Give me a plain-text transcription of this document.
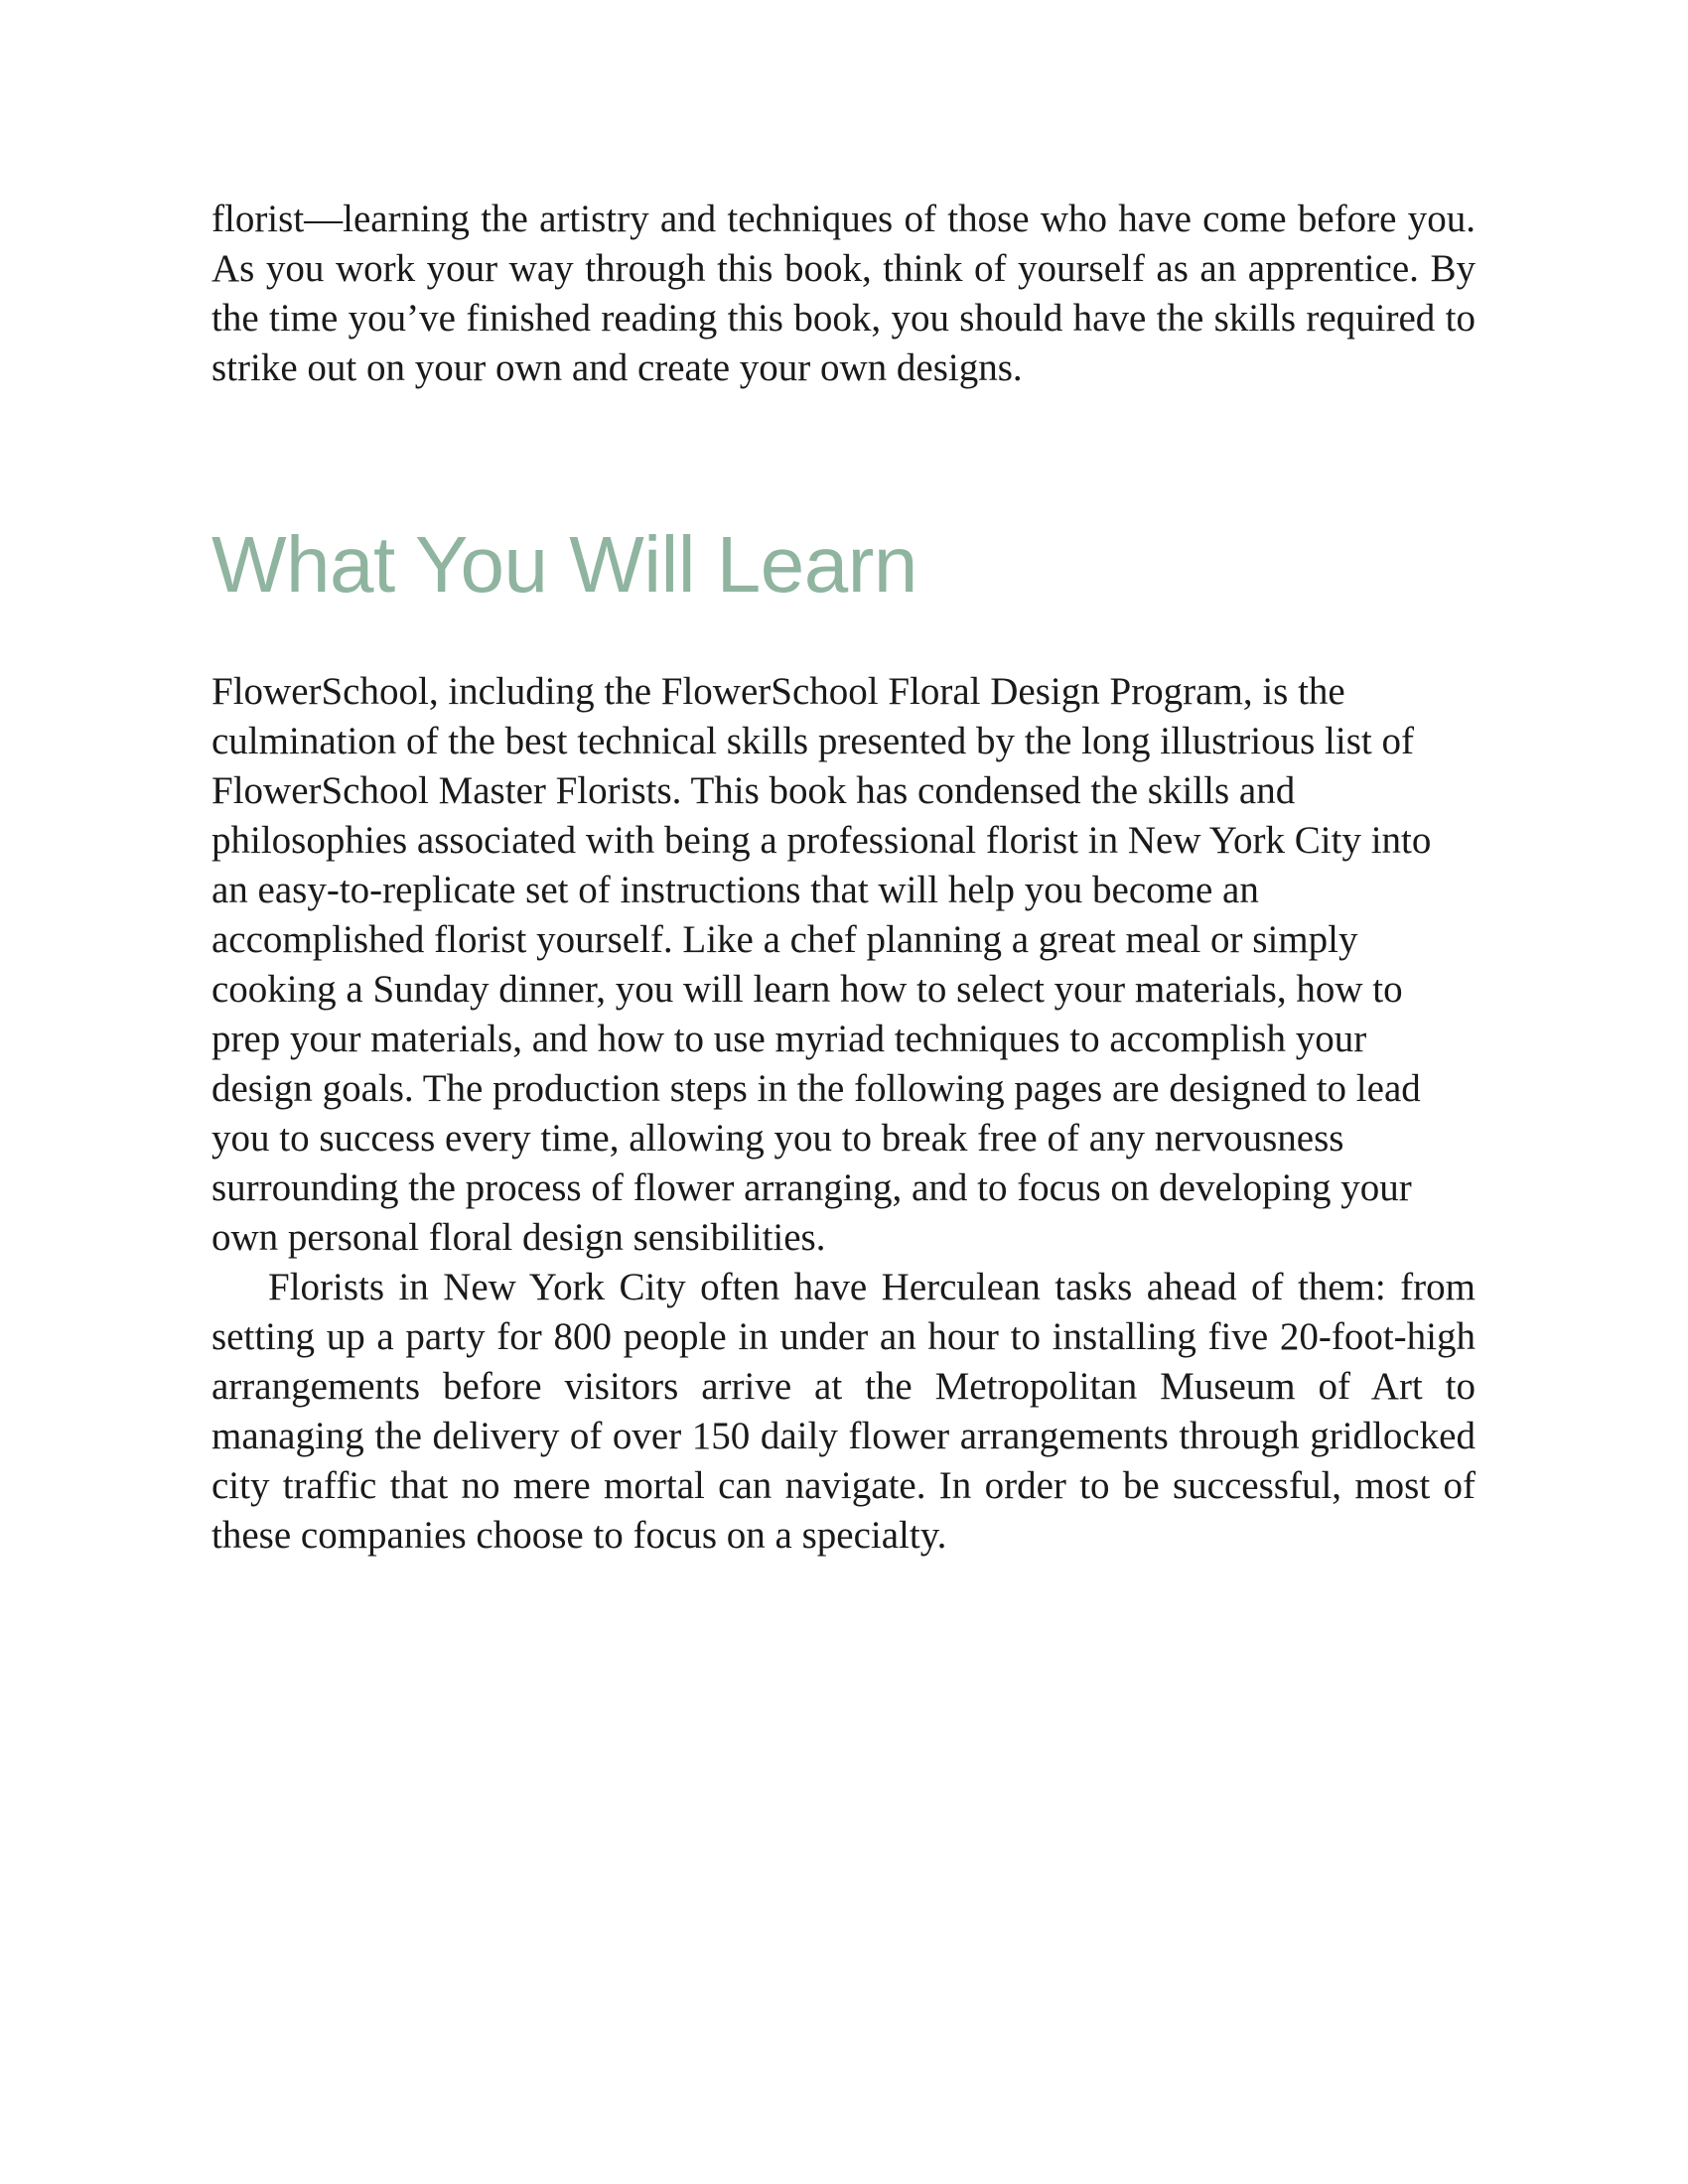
florist—learning the artistry and techniques of those who have come before you. As you work your way through this book, think of yourself as an apprentice. By the time you’ve finished reading this book, you should have the skills required to strike out on your own and create your own designs.

What You Will Learn

FlowerSchool, including the FlowerSchool Floral Design Program, is the culmination of the best technical skills presented by the long illustrious list of FlowerSchool Master Florists. This book has condensed the skills and philosophies associated with being a professional florist in New York City into an easy-to-replicate set of instructions that will help you become an accomplished florist yourself. Like a chef planning a great meal or simply cooking a Sunday dinner, you will learn how to select your materials, how to prep your materials, and how to use myriad techniques to accomplish your design goals. The production steps in the following pages are designed to lead you to success every time, allowing you to break free of any nervousness surrounding the process of flower arranging, and to focus on developing your own personal floral design sensibilities.

Florists in New York City often have Herculean tasks ahead of them: from setting up a party for 800 people in under an hour to installing five 20-foot-high arrangements before visitors arrive at the Metropolitan Museum of Art to managing the delivery of over 150 daily flower arrangements through gridlocked city traffic that no mere mortal can navigate. In order to be successful, most of these companies choose to focus on a specialty.
